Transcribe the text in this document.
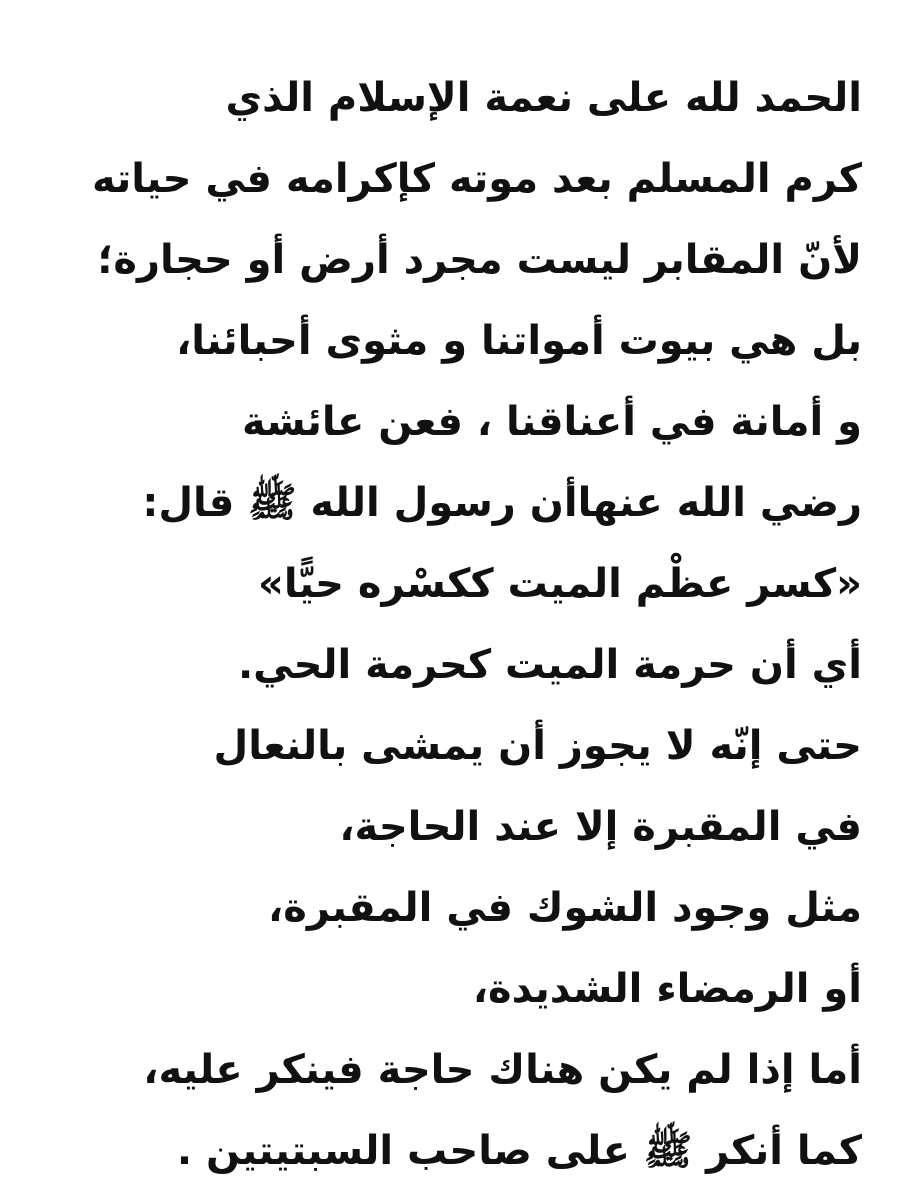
الحمد لله على نعمة الإسلام الذي
كرم المسلم بعد موته كإكرامه في حياته
لأنّ المقابر ليست مجرد أرض أو حجارة؛
بل هي بيوت أمواتنا و مثوى أحبائنا،
و أمانة في أعناقنا ، فعن عائشة
رضي الله عنهاأن رسول الله ﷺ قال:
«كسر عظْم الميت ككسْره حيًّا»
أي أن حرمة الميت كحرمة الحي.
حتى إنّه لا يجوز أن يمشى بالنعال
في المقبرة إلا عند الحاجة،
مثل وجود الشوك في المقبرة،
أو الرمضاء الشديدة،
أما إذا لم يكن هناك حاجة فينكر عليه،
كما أنكر ﷺ على صاحب السبتيتين .
